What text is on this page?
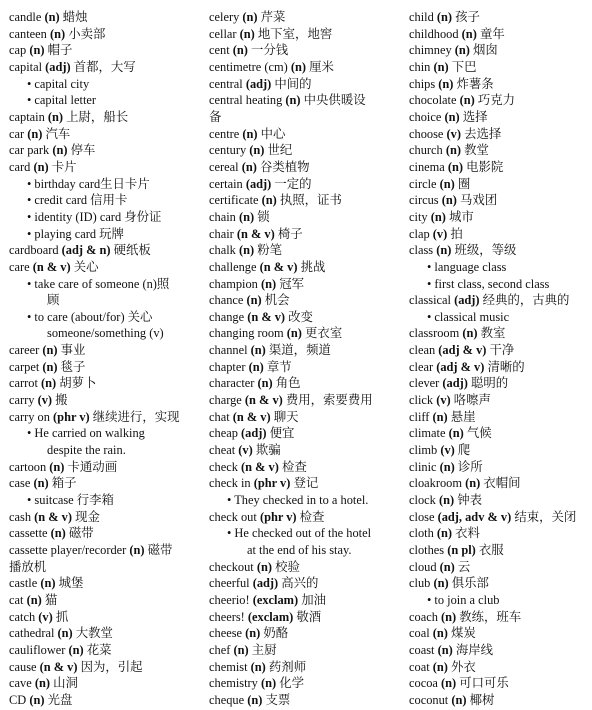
candle (n) 蜡烛
canteen (n) 小卖部
cap (n) 帽子
capital (adj) 首都，大写
• capital city
• capital letter
captain (n) 上尉，船长
car (n) 汽车
car park (n) 停车
card (n) 卡片
• birthday card生日卡片
• credit card 信用卡
• identity (ID) card 身份证
• playing card 玩牌
cardboard (adj & n) 硬纸板
care (n & v) 关心
• take care of someone (n)照
顾
• to care (about/for) 关心
someone/something (v)
career (n) 事业
carpet (n) 毯子
carrot (n) 胡萝卜
carry (v) 搬
carry on (phr v) 继续进行，实现
• He carried on walking
despite the rain.
cartoon (n) 卡通动画
case (n) 箱子
• suitcase 行李箱
cash (n & v) 现金
cassette (n) 磁带
cassette player/recorder (n) 磁带
播放机
castle (n) 城堡
cat (n) 猫
catch (v) 抓
cathedral (n) 大教堂
cauliflower (n) 花菜
cause (n & v) 因为，引起
cave (n) 山洞
CD (n) 光盘
celery (n) 芹菜
cellar (n) 地下室，地窖
cent (n) 一分钱
centimetre (cm) (n) 厘米
central (adj) 中间的
central heating (n) 中央供暖设
备
centre (n) 中心
century (n) 世纪
cereal (n) 谷类植物
certain (adj) 一定的
certificate (n) 执照，证书
chain (n) 锁
chair (n & v) 椅子
chalk (n) 粉笔
challenge (n & v) 挑战
champion (n) 冠军
chance (n) 机会
change (n & v) 改变
changing room (n) 更衣室
channel (n) 渠道，频道
chapter (n) 章节
character (n) 角色
charge (n & v) 费用，索要费用
chat (n & v) 聊天
cheap (adj) 便宜
cheat (v) 欺骗
check (n & v) 检查
check in (phr v) 登记
• They checked in to a hotel.
check out (phr v) 检查
• He checked out of the hotel
at the end of his stay.
checkout (n) 校验
cheerful (adj) 高兴的
cheerio! (exclam) 加油
cheers! (exclam) 敬酒
cheese (n) 奶酪
chef (n) 主厨
chemist (n) 药剂师
chemistry (n) 化学
cheque (n) 支票
child (n) 孩子
childhood (n) 童年
chimney (n) 烟囱
chin (n) 下巴
chips (n) 炸薯条
chocolate (n) 巧克力
choice (n) 选择
choose (v) 去选择
church (n) 教堂
cinema (n) 电影院
circle (n) 圈
circus (n) 马戏团
city (n) 城市
clap (v) 拍
class (n) 班级，等级
• language class
• first class, second class
classical (adj) 经典的，古典的
• classical music
classroom (n) 教室
clean (adj & v) 干净
clear (adj & v) 清晰的
clever (adj) 聪明的
click (v) 咯嚓声
cliff (n) 悬崖
climate (n) 气候
climb (v) 爬
clinic (n) 诊所
cloakroom (n) 衣帽间
clock (n) 钟表
close (adj, adv & v) 结束，关闭
cloth (n) 衣料
clothes (n pl) 衣服
cloud (n) 云
club (n) 俱乐部
• to join a club
coach (n) 教练，班车
coal (n) 煤炭
coast (n) 海岸线
coat (n) 外衣
cocoa (n) 可口可乐
coconut (n) 椰树
